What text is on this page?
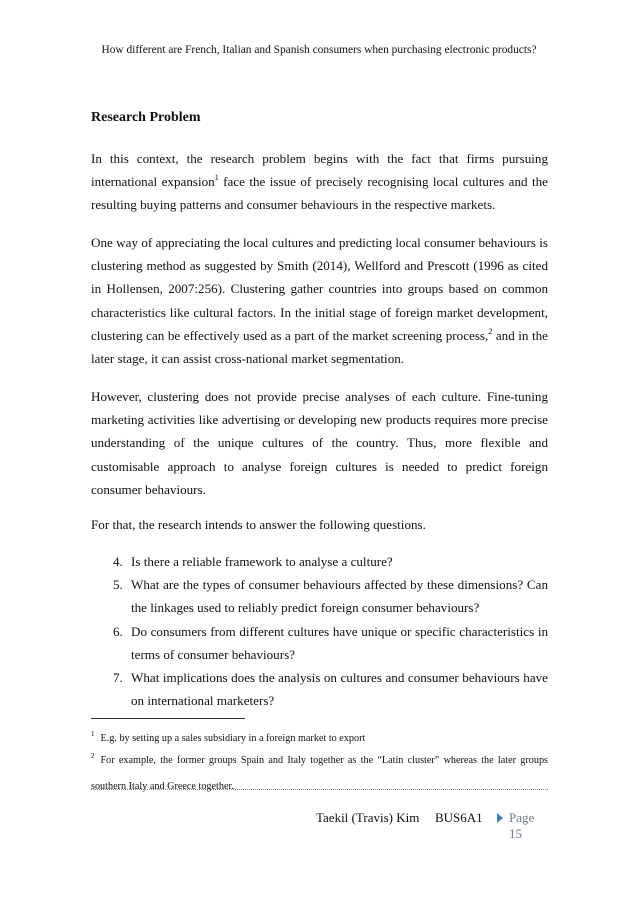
How different are French, Italian and Spanish consumers when purchasing electronic products?
Research Problem

In this context, the research problem begins with the fact that firms pursuing international expansion$^1$ face the issue of precisely recognising local cultures and the resulting buying patterns and consumer behaviours in the respective markets.

One way of appreciating the local cultures and predicting local consumer behaviours is clustering method as suggested by Smith (2014), Wellford and Prescott (1996 as cited in Hollensen, 2007:256). Clustering gather countries into groups based on common characteristics like cultural factors. In the initial stage of foreign market development, clustering can be effectively used as a part of the market screening process,$^2$ and in the later stage, it can assist cross-national market segmentation.

However, clustering does not provide precise analyses of each culture. Fine-tuning marketing activities like advertising or developing new products requires more precise understanding of the unique cultures of the country. Thus, more flexible and customisable approach to analyse foreign cultures is needed to predict foreign consumer behaviours.

For that, the research intends to answer the following questions.

4. Is there a reliable framework to analyse a culture?
5. What are the types of consumer behaviours affected by these dimensions? Can the linkages used to reliably predict foreign consumer behaviours?
6. Do consumers from different cultures have unique or specific characteristics in terms of consumer behaviours?
7. What implications does the analysis on cultures and consumer behaviours have on international marketers?

$^1$ E.g. by setting up a sales subsidiary in a foreign market to export

$^2$ For example, the former groups Spain and Italy together as the “Latin cluster” whereas the later groups southern Italy and Greece together.

Taekil (Travis) Kim BUS6A1 Page 15
